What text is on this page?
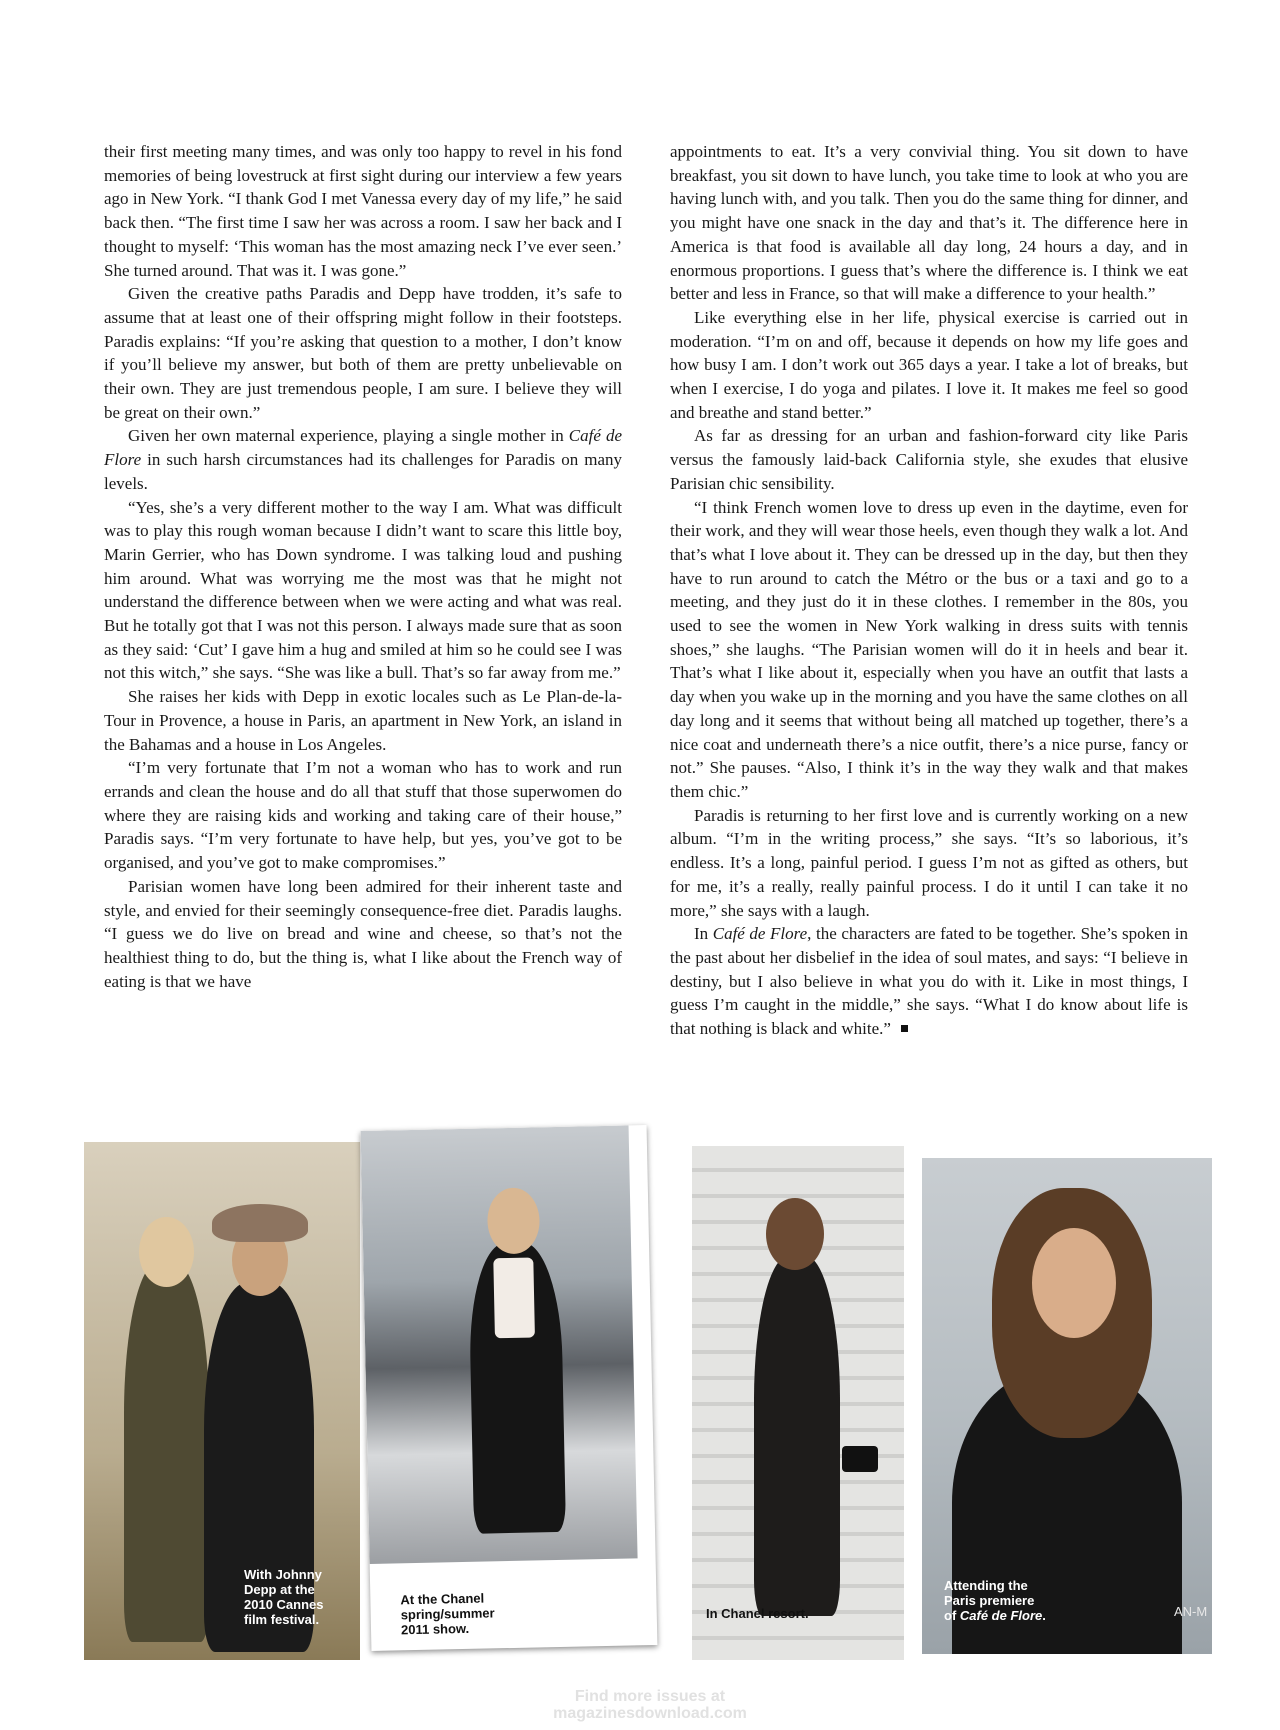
their first meeting many times, and was only too happy to revel in his fond memories of being lovestruck at first sight during our interview a few years ago in New York. “I thank God I met Vanessa every day of my life,” he said back then. “The first time I saw her was across a room. I saw her back and I thought to myself: ‘This woman has the most amazing neck I’ve ever seen.’ She turned around. That was it. I was gone.”

Given the creative paths Paradis and Depp have trodden, it’s safe to assume that at least one of their offspring might follow in their footsteps. Paradis explains: “If you’re asking that question to a mother, I don’t know if you’ll believe my answer, but both of them are pretty unbelievable on their own. They are just tremendous people, I am sure. I believe they will be great on their own.”

Given her own maternal experience, playing a single mother in Café de Flore in such harsh circumstances had its challenges for Paradis on many levels.

“Yes, she’s a very different mother to the way I am. What was difficult was to play this rough woman because I didn’t want to scare this little boy, Marin Gerrier, who has Down syndrome. I was talking loud and pushing him around. What was worrying me the most was that he might not understand the difference between when we were acting and what was real. But he totally got that I was not this person. I always made sure that as soon as they said: ‘Cut’ I gave him a hug and smiled at him so he could see I was not this witch,” she says. “She was like a bull. That’s so far away from me.”

She raises her kids with Depp in exotic locales such as Le Plan-de-la-Tour in Provence, a house in Paris, an apartment in New York, an island in the Bahamas and a house in Los Angeles.

“I’m very fortunate that I’m not a woman who has to work and run errands and clean the house and do all that stuff that those superwomen do where they are raising kids and working and taking care of their house,” Paradis says. “I’m very fortunate to have help, but yes, you’ve got to be organised, and you’ve got to make compromises.”

Parisian women have long been admired for their inherent taste and style, and envied for their seemingly consequence-free diet. Paradis laughs. “I guess we do live on bread and wine and cheese, so that’s not the healthiest thing to do, but the thing is, what I like about the French way of eating is that we have

appointments to eat. It’s a very convivial thing. You sit down to have breakfast, you sit down to have lunch, you take time to look at who you are having lunch with, and you talk. Then you do the same thing for dinner, and you might have one snack in the day and that’s it. The difference here in America is that food is available all day long, 24 hours a day, and in enormous proportions. I guess that’s where the difference is. I think we eat better and less in France, so that will make a difference to your health.”

Like everything else in her life, physical exercise is carried out in moderation. “I’m on and off, because it depends on how my life goes and how busy I am. I don’t work out 365 days a year. I take a lot of breaks, but when I exercise, I do yoga and pilates. I love it. It makes me feel so good and breathe and stand better.”

As far as dressing for an urban and fashion-forward city like Paris versus the famously laid-back California style, she exudes that elusive Parisian chic sensibility.

“I think French women love to dress up even in the daytime, even for their work, and they will wear those heels, even though they walk a lot. And that’s what I love about it. They can be dressed up in the day, but then they have to run around to catch the Métro or the bus or a taxi and go to a meeting, and they just do it in these clothes. I remember in the 80s, you used to see the women in New York walking in dress suits with tennis shoes,” she laughs. “The Parisian women will do it in heels and bear it. That’s what I like about it, especially when you have an outfit that lasts a day when you wake up in the morning and you have the same clothes on all day long and it seems that without being all matched up together, there’s a nice coat and underneath there’s a nice outfit, there’s a nice purse, fancy or not.” She pauses. “Also, I think it’s in the way they walk and that makes them chic.”

Paradis is returning to her first love and is currently working on a new album. “I’m in the writing process,” she says. “It’s so laborious, it’s endless. It’s a long, painful period. I guess I’m not as gifted as others, but for me, it’s a really, really painful process. I do it until I can take it no more,” she says with a laugh.

In Café de Flore, the characters are fated to be together. She’s spoken in the past about her disbelief in the idea of soul mates, and says: “I believe in destiny, but I also believe in what you do with it. Like in most things, I guess I’m caught in the middle,” she says. “What I do know about life is that nothing is black and white.”

With Johnny
Depp at the
2010 Cannes
film festival.
At the Chanel
spring/summer
2011 show.
In Chanel resort.
Attending the
Paris premiere
of Café de Flore.	AN-M
Find more issues at
magazinesdownload.com
